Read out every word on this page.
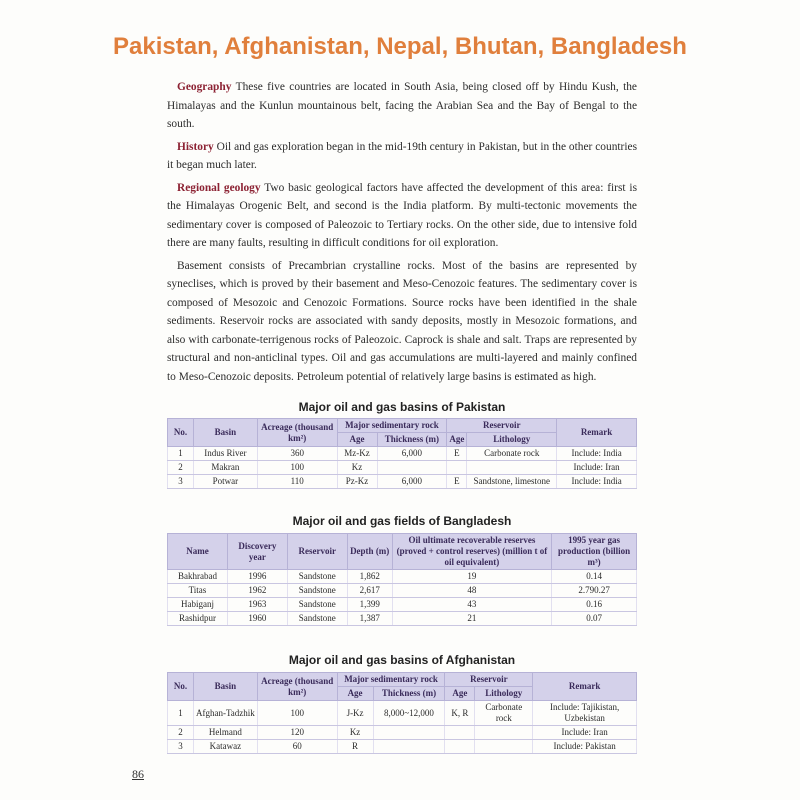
Pakistan, Afghanistan, Nepal, Bhutan, Bangladesh

Geography These five countries are located in South Asia, being closed off by Hindu Kush, the Himalayas and the Kunlun mountainous belt, facing the Arabian Sea and the Bay of Bengal to the south.

History Oil and gas exploration began in the mid-19th century in Pakistan, but in the other countries it began much later.

Regional geology Two basic geological factors have affected the development of this area: first is the Himalayas Orogenic Belt, and second is the India platform. By multi-tectonic movements the sedimentary cover is composed of Paleozoic to Tertiary rocks. On the other side, due to intensive fold there are many faults, resulting in difficult conditions for oil exploration.

Basement consists of Precambrian crystalline rocks. Most of the basins are represented by syneclises, which is proved by their basement and Meso-Cenozoic features. The sedimentary cover is composed of Mesozoic and Cenozoic Formations. Source rocks have been identified in the shale sediments. Reservoir rocks are associated with sandy deposits, mostly in Mesozoic formations, and also with carbonate-terrigenous rocks of Paleozoic. Caprock is shale and salt. Traps are represented by structural and non-anticlinal types. Oil and gas accumulations are multi-layered and mainly confined to Meso-Cenozoic deposits. Petroleum potential of relatively large basins is estimated as high.

Major oil and gas basins of Pakistan
No.	Basin	Acreage (thousand km²)	Major sedimentary rock		Reservoir		Remark
			Age	Thickness (m)	Age	Lithology	
1	Indus River	360	Mz-Kz	6,000	E	Carbonate rock	Include: India
2	Makran	100	Kz				Include: Iran
3	Potwar	110	Pz-Kz	6,000	E	Sandstone, limestone	Include: India
Major oil and gas fields of Bangladesh
Name	Discovery year	Reservoir	Depth (m)	Oil ultimate recoverable reserves (proved + control reserves) (million t of oil equivalent)	1995 year gas production (billion m³)
Bakhrabad	1996	Sandstone	1,862	19	0.14
Titas	1962	Sandstone	2,617	48	2.790.27
Habiganj	1963	Sandstone	1,399	43	0.16
Rashidpur	1960	Sandstone	1,387	21	0.07
Major oil and gas basins of Afghanistan
No.	Basin	Acreage (thousand km²)	Major sedimentary rock		Reservoir		Remark
			Age	Thickness (m)	Age	Lithology	
1	Afghan-Tadzhik	100	J-Kz	8,000~12,000	K, R	Carbonate rock	Include: Tajikistan, Uzbekistan
2	Helmand	120	Kz				Include: Iran
3	Katawaz	60	R				Include: Pakistan
86
